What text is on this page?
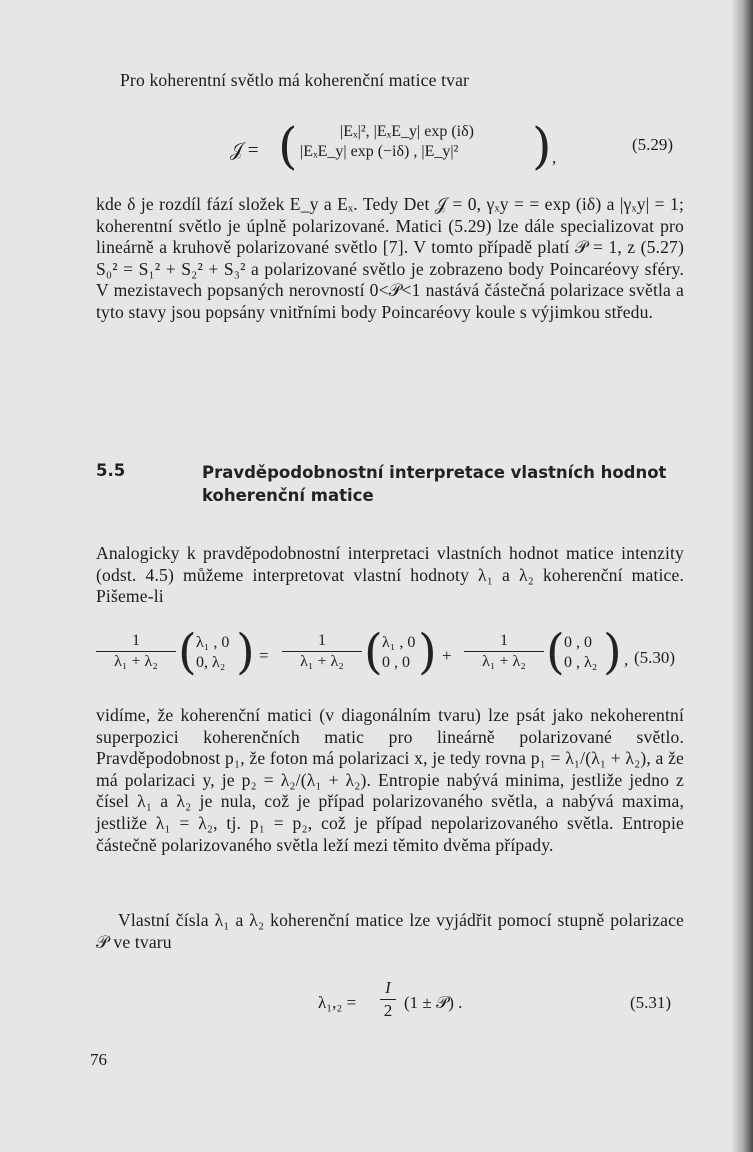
Pro koherentní světlo má koherenční matice tvar
𝒥 = (	|Eₓ|², |EₓE_y| exp (iδ)
|EₓE_y| exp (−iδ) , |E_y|²	) ,
(5.29)
kde δ je rozdíl fází složek E_y a Eₓ. Tedy Det 𝒥 = 0, γₓy = = exp (iδ) a |γₓy| = 1; koherentní světlo je úplně polarizované. Matici (5.29) lze dále specializovat pro lineárně a kruhově polarizované světlo [7]. V tomto případě platí 𝒫 = 1, z (5.27) S₀² = S₁² + S₂² + S₃² a polarizované světlo je zobrazeno body Poincaréovy sféry. V mezistavech popsaných nerovností 0<𝒫<1 nastává částečná polarizace světla a tyto stavy jsou popsány vnitřními body Poincaréovy koule s výjimkou středu.
5.5	Pravděpodobnostní interpretace vlastních hodnot koherenční matice
Analogicky k pravděpodobnostní interpretaci vlastních hodnot matice intenzity (odst. 4.5) můžeme interpretovat vlastní hodnoty λ₁ a λ₂ koherenční matice. Pišeme-li
1
λ₁ + λ₂ ( λ₁ , 0
0, λ₂ ) =
1
λ₁ + λ₂ ( λ₁ , 0
0 , 0 ) +
1
λ₁ + λ₂ ( 0 , 0
0 , λ₂ ) , (5.30)
vidíme, že koherenční matici (v diagonálním tvaru) lze psát jako nekoherentní superpozici koherenčních matic pro lineárně polarizované světlo. Pravděpodobnost p₁, že foton má polarizaci x, je tedy rovna p₁ = λ₁/(λ₁ + λ₂), a že má polarizaci y, je p₂ = λ₂/(λ₁ + λ₂). Entropie nabývá minima, jestliže jedno z čísel λ₁ a λ₂ je nula, což je případ polarizovaného světla, a nabývá maxima, jestliže λ₁ = λ₂, tj. p₁ = p₂, což je případ nepolarizovaného světla. Entropie částečně polarizovaného světla leží mezi těmito dvěma případy.
Vlastní čísla λ₁ a λ₂ koherenční matice lze vyjádřit pomocí stupně polarizace 𝒫 ve tvaru
λ₁,₂ =
I
2 (1 ± 𝒫) .	(5.31)
76
